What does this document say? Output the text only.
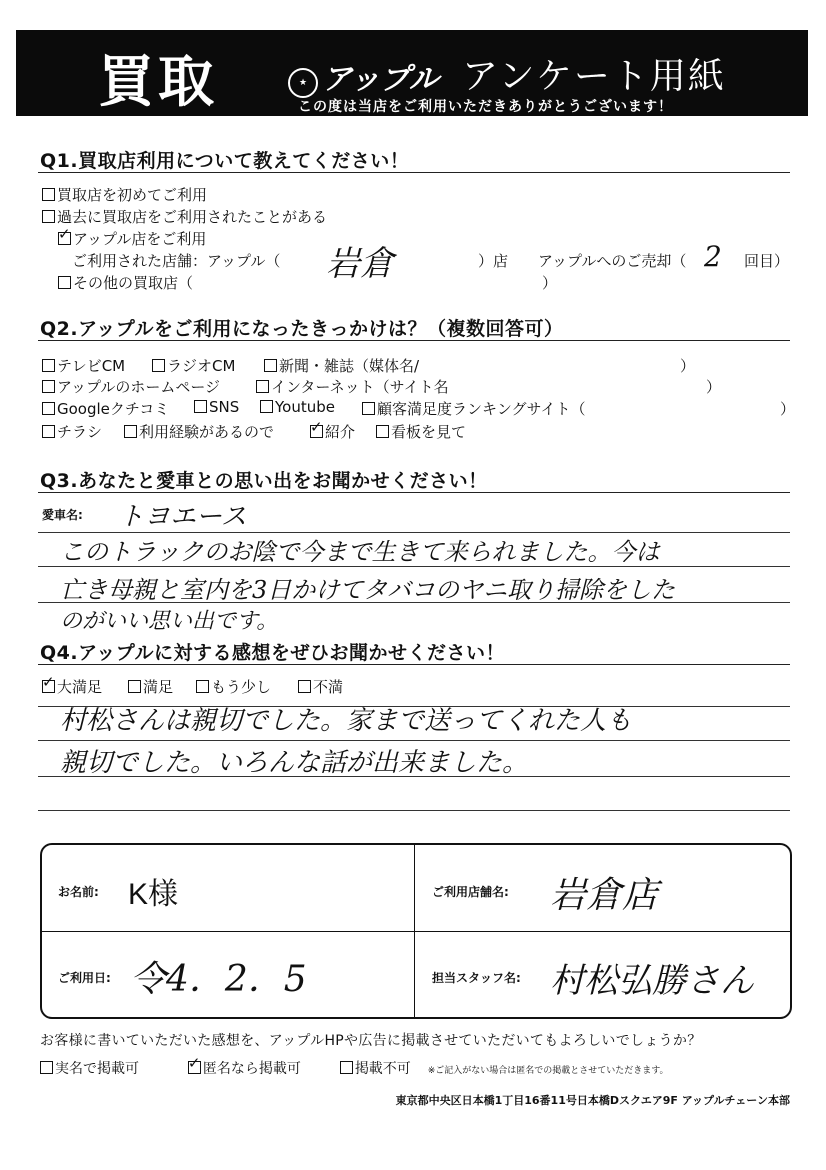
買取	★ アップル アンケート用紙
この度は当店をご利用いただきありがとうございます！
Q1.買取店利用について教えてください！
買取店を初めてご利用
過去に買取店をご利用されたことがある
✓アップル店をご利用
ご利用された店舗：アップル（ 岩倉	）店 アップルへのご売却（ 2 回目）
その他の買取店（	）
Q2.アップルをご利用になったきっかけは？（複数回答可）
テレビCM	ラジオCM	新聞・雑誌（媒体名/	）
アップルのホームページ	インターネット（サイト名	）
Googleクチコミ	SNS	Youtube	顧客満足度ランキングサイト（	）
チラシ	利用経験があるので ✓	紹介	看板を見て
Q3.あなたと愛車との思い出をお聞かせください！
愛車名: トヨエース
このトラックのお陰で今まで生きて来られました。今は
亡き母親と室内を3日かけてタバコのヤニ取り掃除をした
のがいい思い出です。
Q4.アップルに対する感想をぜひお聞かせください！
✓大満足	満足	もう少し	不満
村松さんは親切でした。家まで送ってくれた人も
親切でした。いろんな話が出来ました。
お名前: K様	ご利用店舗名: 岩倉店
ご利用日: 令4．2．5	担当スタッフ名: 村松弘勝さん
お客様に書いていただいた感想を、アップルHPや広告に掲載させていただいてもよろしいでしょうか？
実名で掲載可 ✓	匿名なら掲載可	掲載不可 ※ご記入がない場合は匿名での掲載とさせていただきます。
東京都中央区日本橋1丁目16番11号日本橋Dスクエア9F アップルチェーン本部
